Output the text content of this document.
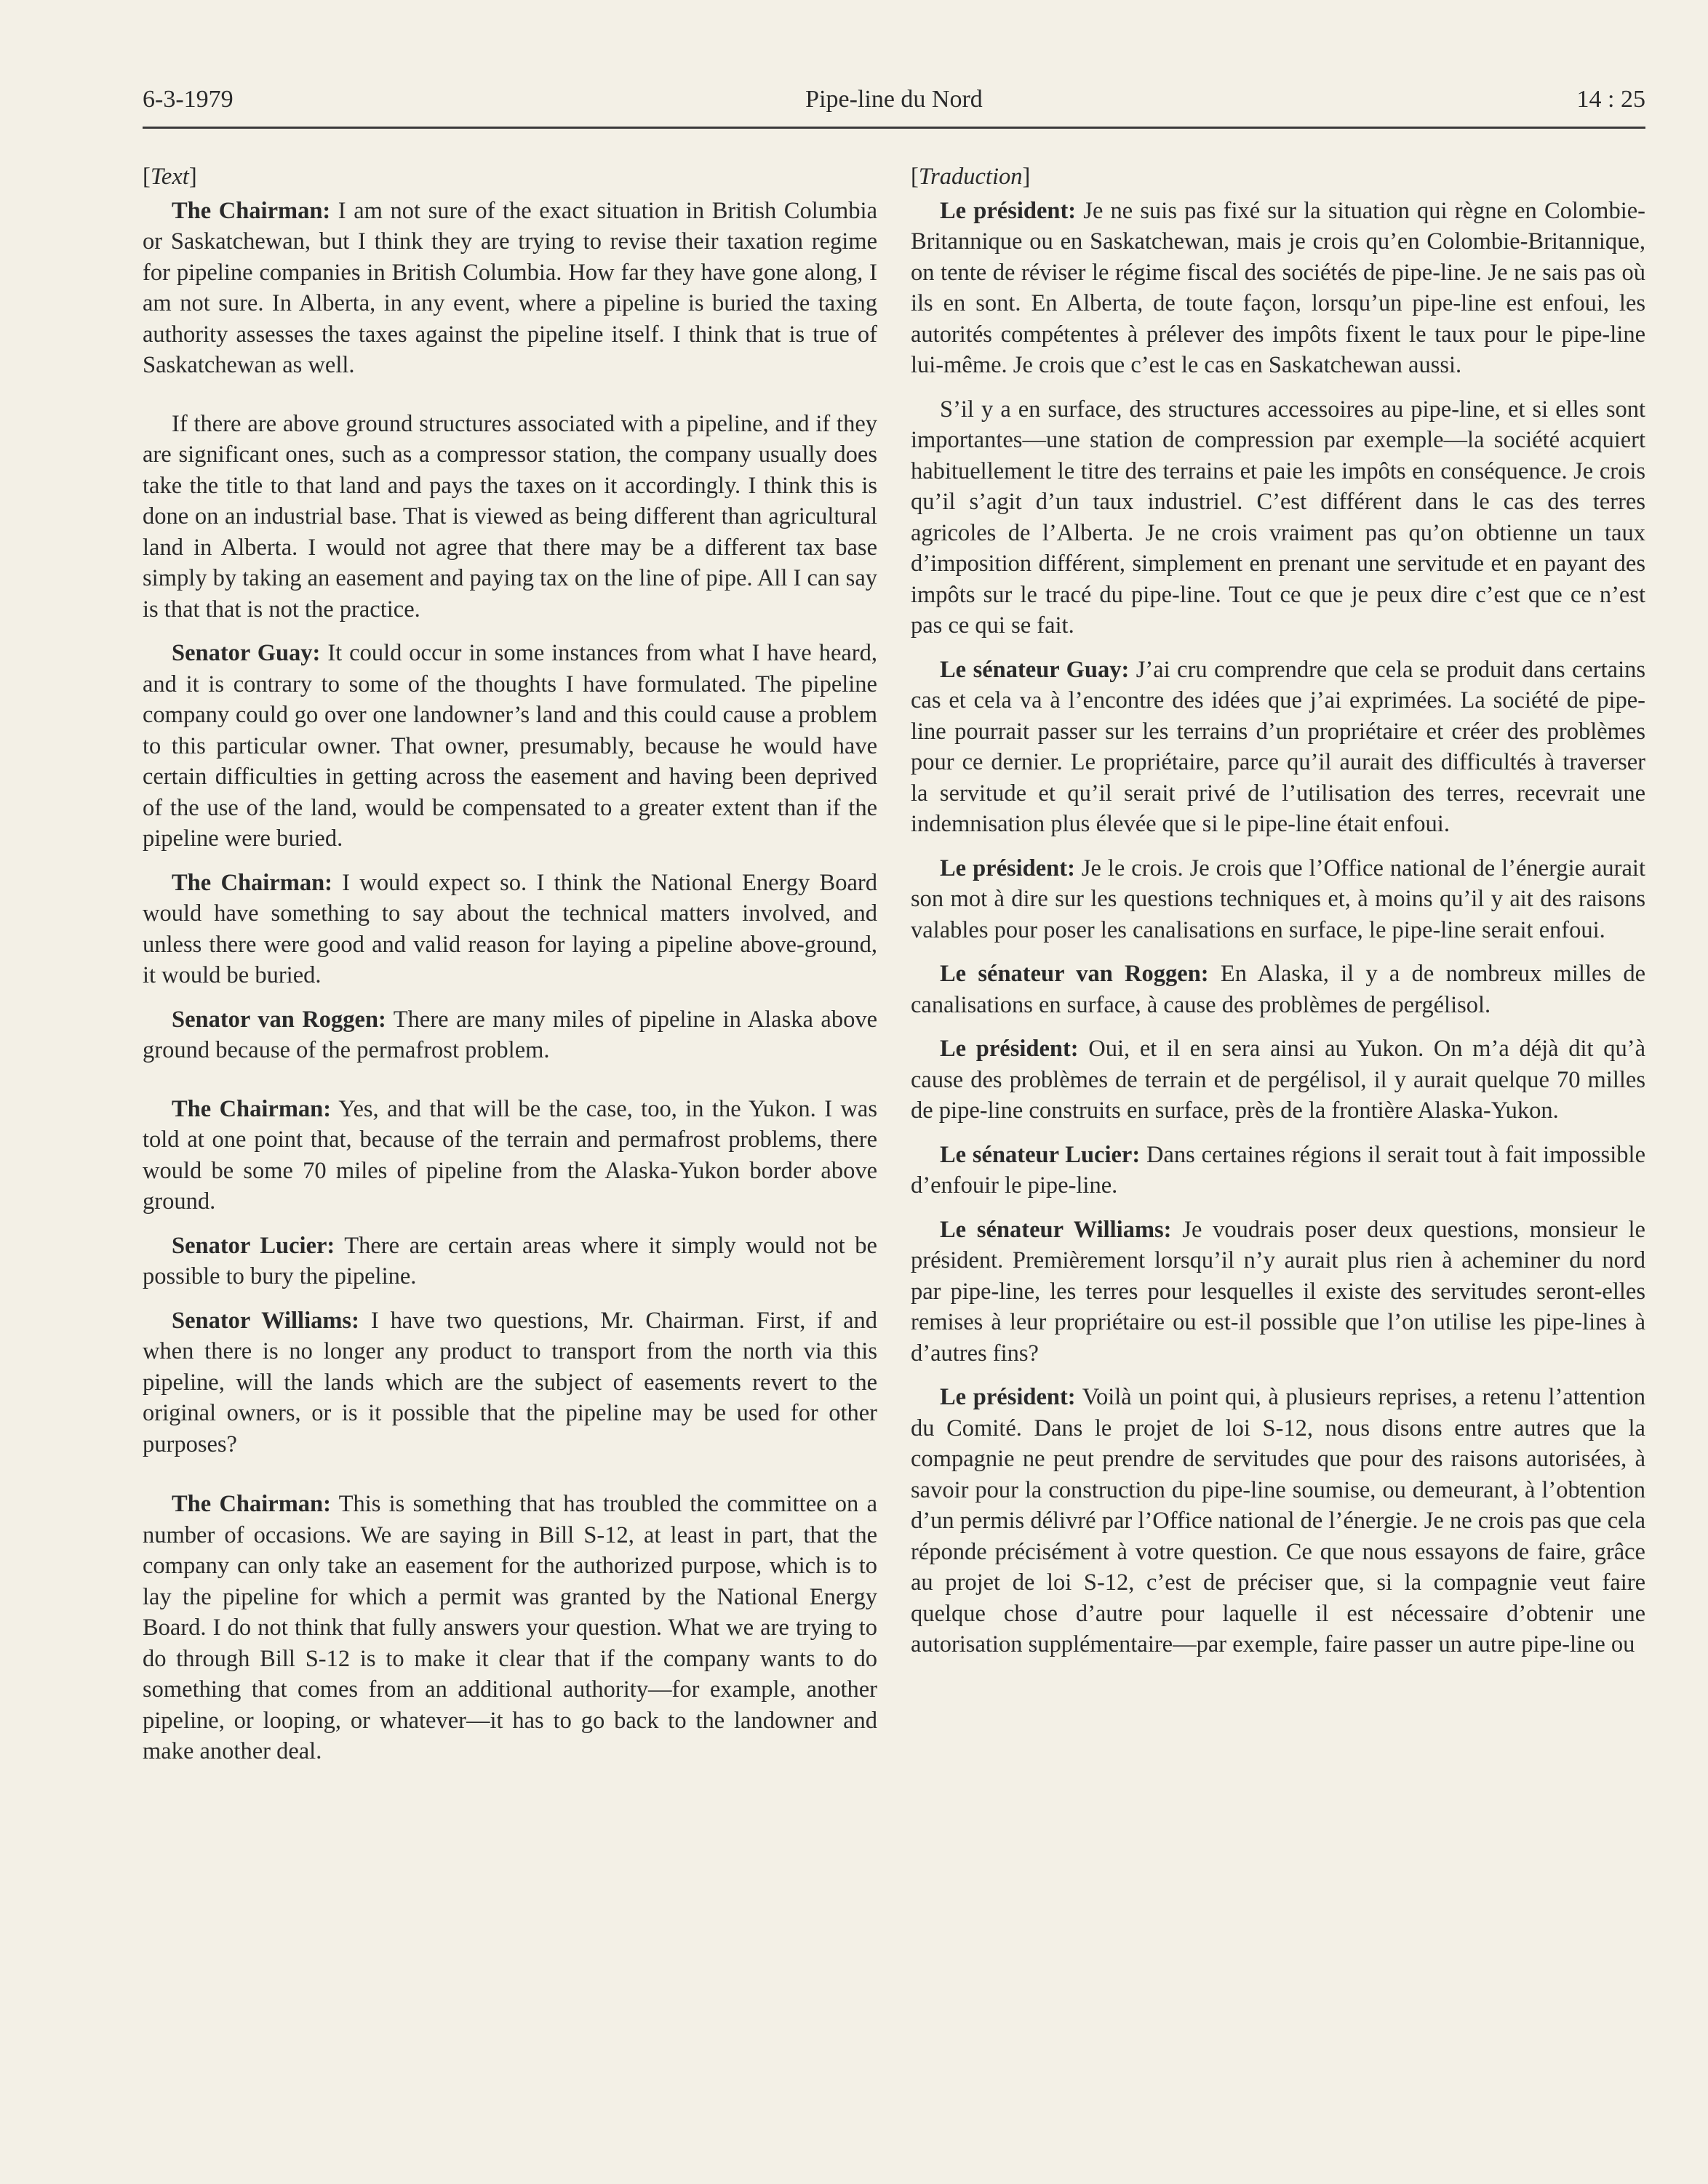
6-3-1979	Pipe-line du Nord	14 : 25
[Text]

The Chairman: I am not sure of the exact situation in British Columbia or Saskatchewan, but I think they are trying to revise their taxation regime for pipeline companies in British Columbia. How far they have gone along, I am not sure. In Alberta, in any event, where a pipeline is buried the taxing authority assesses the taxes against the pipeline itself. I think that is true of Saskatchewan as well.

If there are above ground structures associated with a pipeline, and if they are significant ones, such as a compressor station, the company usually does take the title to that land and pays the taxes on it accordingly. I think this is done on an industrial base. That is viewed as being different than agricultural land in Alberta. I would not agree that there may be a different tax base simply by taking an easement and paying tax on the line of pipe. All I can say is that that is not the practice.

Senator Guay: It could occur in some instances from what I have heard, and it is contrary to some of the thoughts I have formulated. The pipeline company could go over one landowner’s land and this could cause a problem to this particular owner. That owner, presumably, because he would have certain difficulties in getting across the easement and having been deprived of the use of the land, would be compensated to a greater extent than if the pipeline were buried.

The Chairman: I would expect so. I think the National Energy Board would have something to say about the technical matters involved, and unless there were good and valid reason for laying a pipeline above-ground, it would be buried.

Senator van Roggen: There are many miles of pipeline in Alaska above ground because of the permafrost problem.

The Chairman: Yes, and that will be the case, too, in the Yukon. I was told at one point that, because of the terrain and permafrost problems, there would be some 70 miles of pipeline from the Alaska-Yukon border above ground.

Senator Lucier: There are certain areas where it simply would not be possible to bury the pipeline.

Senator Williams: I have two questions, Mr. Chairman. First, if and when there is no longer any product to transport from the north via this pipeline, will the lands which are the subject of easements revert to the original owners, or is it possible that the pipeline may be used for other purposes?

The Chairman: This is something that has troubled the committee on a number of occasions. We are saying in Bill S-12, at least in part, that the company can only take an easement for the authorized purpose, which is to lay the pipeline for which a permit was granted by the National Energy Board. I do not think that fully answers your question. What we are trying to do through Bill S-12 is to make it clear that if the company wants to do something that comes from an additional authority—for example, another pipeline, or looping, or whatever—it has to go back to the landowner and make another deal.

[Traduction]

Le président: Je ne suis pas fixé sur la situation qui règne en Colombie-Britannique ou en Saskatchewan, mais je crois qu’en Colombie-Britannique, on tente de réviser le régime fiscal des sociétés de pipe-line. Je ne sais pas où ils en sont. En Alberta, de toute façon, lorsqu’un pipe-line est enfoui, les autorités compétentes à prélever des impôts fixent le taux pour le pipe-line lui-même. Je crois que c’est le cas en Saskatchewan aussi.

S’il y a en surface, des structures accessoires au pipe-line, et si elles sont importantes—une station de compression par exemple—la société acquiert habituellement le titre des terrains et paie les impôts en conséquence. Je crois qu’il s’agit d’un taux industriel. C’est différent dans le cas des terres agricoles de l’Alberta. Je ne crois vraiment pas qu’on obtienne un taux d’imposition différent, simplement en prenant une servitude et en payant des impôts sur le tracé du pipe-line. Tout ce que je peux dire c’est que ce n’est pas ce qui se fait.

Le sénateur Guay: J’ai cru comprendre que cela se produit dans certains cas et cela va à l’encontre des idées que j’ai exprimées. La société de pipe-line pourrait passer sur les terrains d’un propriétaire et créer des problèmes pour ce dernier. Le propriétaire, parce qu’il aurait des difficultés à traverser la servitude et qu’il serait privé de l’utilisation des terres, recevrait une indemnisation plus élevée que si le pipe-line était enfoui.

Le président: Je le crois. Je crois que l’Office national de l’énergie aurait son mot à dire sur les questions techniques et, à moins qu’il y ait des raisons valables pour poser les canalisations en surface, le pipe-line serait enfoui.

Le sénateur van Roggen: En Alaska, il y a de nombreux milles de canalisations en surface, à cause des problèmes de pergélisol.

Le président: Oui, et il en sera ainsi au Yukon. On m’a déjà dit qu’à cause des problèmes de terrain et de pergélisol, il y aurait quelque 70 milles de pipe-line construits en surface, près de la frontière Alaska-Yukon.

Le sénateur Lucier: Dans certaines régions il serait tout à fait impossible d’enfouir le pipe-line.

Le sénateur Williams: Je voudrais poser deux questions, monsieur le président. Premièrement lorsqu’il n’y aurait plus rien à acheminer du nord par pipe-line, les terres pour lesquelles il existe des servitudes seront-elles remises à leur propriétaire ou est-il possible que l’on utilise les pipe-lines à d’autres fins?

Le président: Voilà un point qui, à plusieurs reprises, a retenu l’attention du Comité. Dans le projet de loi S-12, nous disons entre autres que la compagnie ne peut prendre de servitudes que pour des raisons autorisées, à savoir pour la construction du pipe-line soumise, ou demeurant, à l’obtention d’un permis délivré par l’Office national de l’énergie. Je ne crois pas que cela réponde précisément à votre question. Ce que nous essayons de faire, grâce au projet de loi S-12, c’est de préciser que, si la compagnie veut faire quelque chose d’autre pour laquelle il est nécessaire d’obtenir une autorisation supplémentaire—par exemple, faire passer un autre pipe-line ou
